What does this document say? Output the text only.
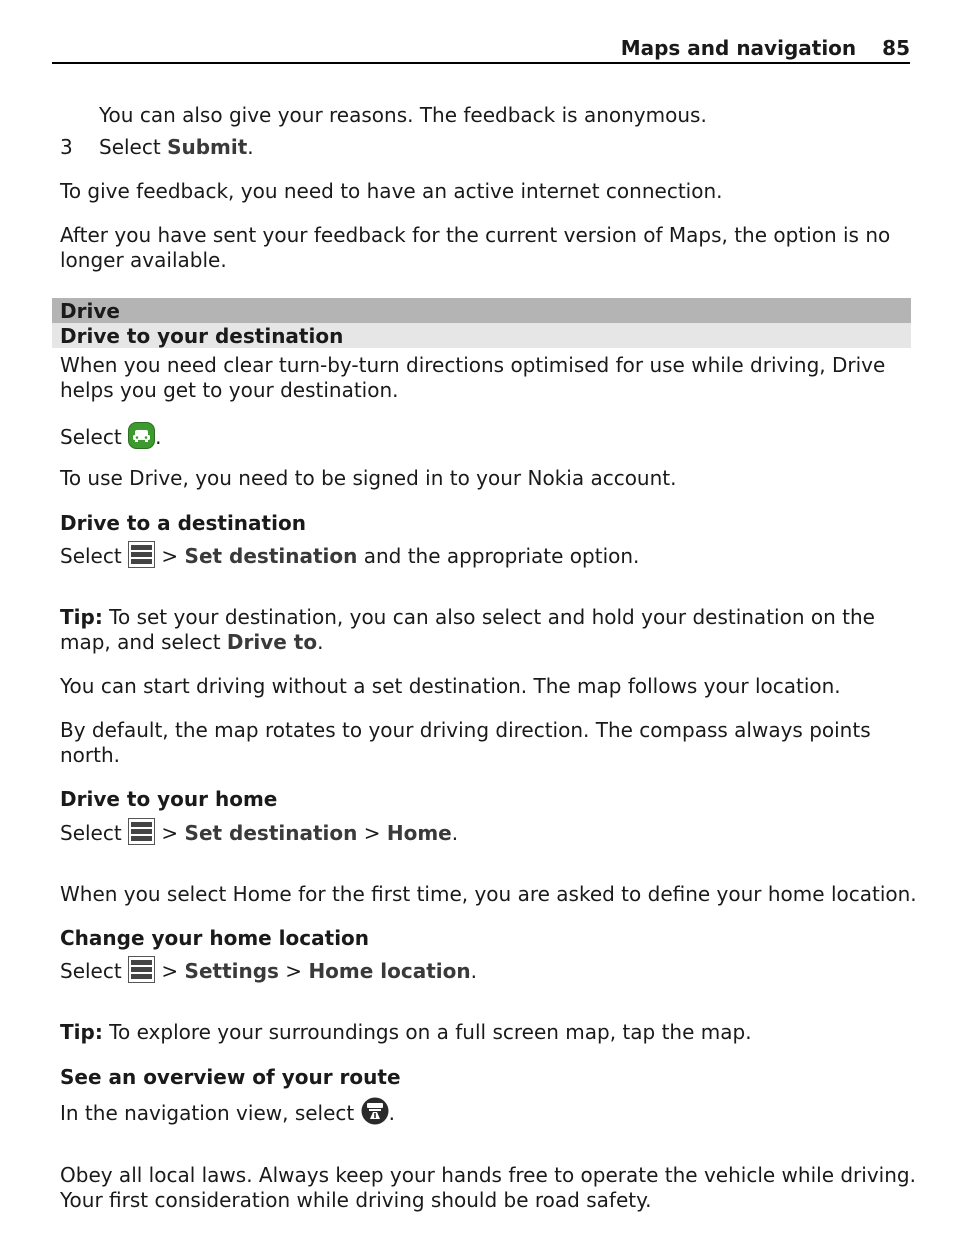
Maps and navigation 85
You can also give your reasons. The feedback is anonymous.
3 Select Submit.
To give feedback, you need to have an active internet connection.
After you have sent your feedback for the current version of Maps, the option is no longer available.
Drive
Drive to your destination
When you need clear turn-by-turn directions optimised for use while driving, Drive helps you get to your destination.
Select .
To use Drive, you need to be signed in to your Nokia account.
Drive to a destination
Select  > Set destination and the appropriate option.
Tip: To set your destination, you can also select and hold your destination on the map, and select Drive to.
You can start driving without a set destination. The map follows your location.
By default, the map rotates to your driving direction. The compass always points north.
Drive to your home
Select  > Set destination > Home.
When you select Home for the first time, you are asked to define your home location.
Change your home location
Select  > Settings > Home location.
Tip: To explore your surroundings on a full screen map, tap the map.
See an overview of your route
In the navigation view, select .
Obey all local laws. Always keep your hands free to operate the vehicle while driving. Your first consideration while driving should be road safety.
